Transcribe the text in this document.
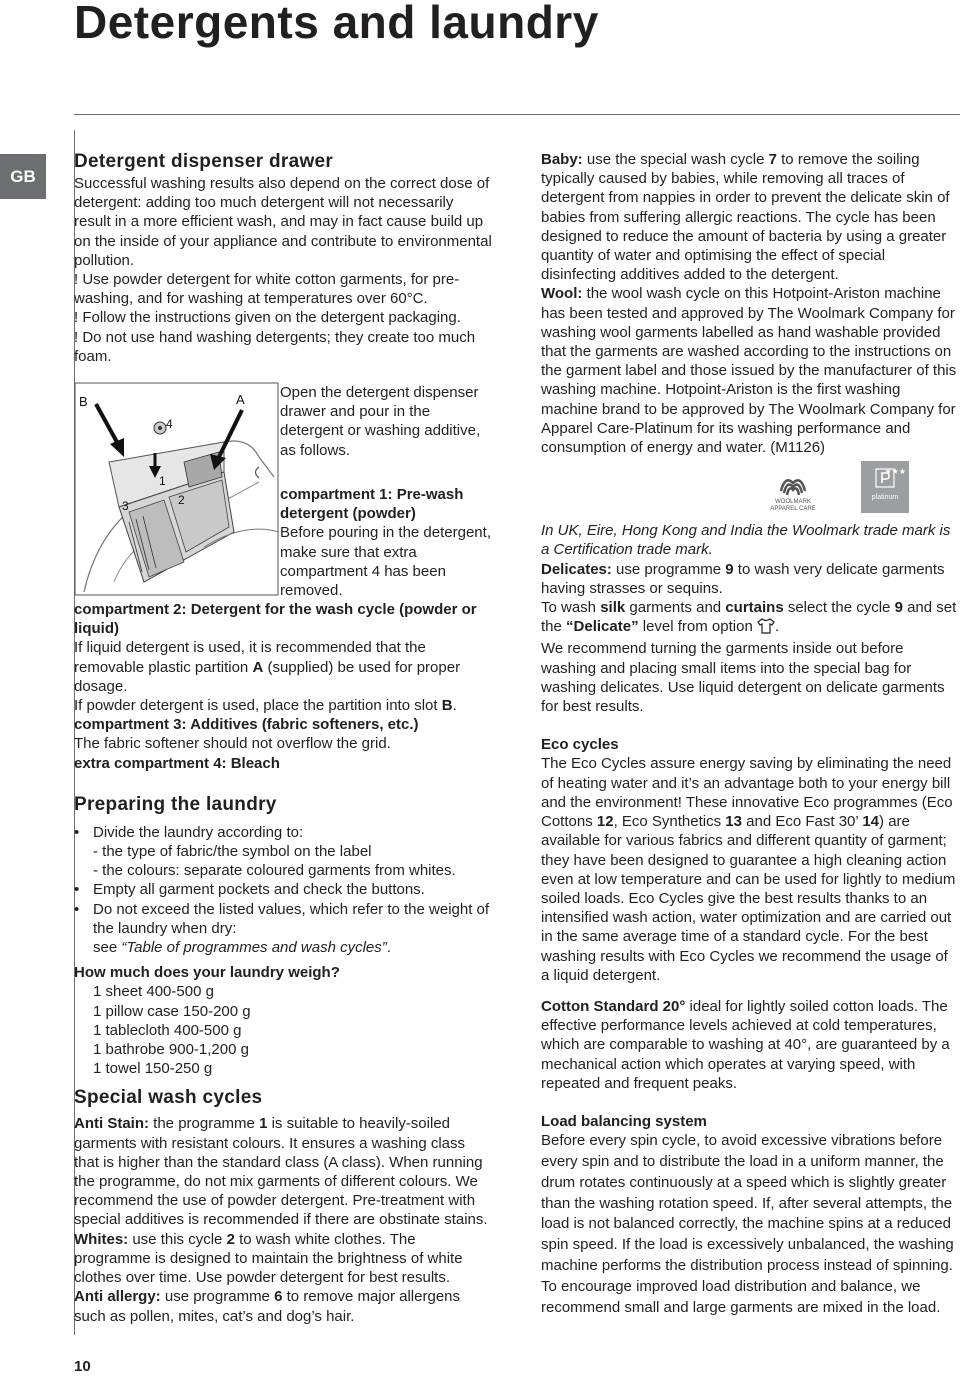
Detergents and laundry
GB
Detergent dispenser drawer

Successful washing results also depend on the correct dose of detergent: adding too much detergent will not necessarily result in a more efficient wash, and may in fact cause build up on the inside of your appliance and contribute to environmental pollution.

! Use powder detergent for white cotton garments, for pre-washing, and for washing at temperatures over 60°C.

! Follow the instructions given on the detergent packaging.

! Do not use hand washing detergents; they create too much foam.

B	A
4
1
3	2

Open the detergent dispenser drawer and pour in the detergent or washing additive, as follows.

compartment 1: Pre-wash detergent (powder)

Before pouring in the detergent, make sure that extra compartment 4 has been removed.

compartment 2: Detergent for the wash cycle (powder or liquid)

If liquid detergent is used, it is recommended that the removable plastic partition A (supplied) be used for proper dosage.

If powder detergent is used, place the partition into slot B.

compartment 3: Additives (fabric softeners, etc.)

The fabric softener should not overflow the grid.

extra compartment 4: Bleach
Preparing the laundry
• Divide the laundry according to:
- the type of fabric/the symbol on the label
- the colours: separate coloured garments from whites.
• Empty all garment pockets and check the buttons.
• Do not exceed the listed values, which refer to the weight of the laundry when dry:
see “Table of programmes and wash cycles”.
How much does your laundry weigh?
1 sheet 400-500 g
1 pillow case 150-200 g
1 tablecloth 400-500 g
1 bathrobe 900-1,200 g
1 towel 150-250 g
Special wash cycles

Anti Stain: the programme 1 is suitable to heavily-soiled garments with resistant colours. It ensures a washing class that is higher than the standard class (A class). When running the programme, do not mix garments of different colours. We recommend the use of powder detergent. Pre-treatment with special additives is recommended if there are obstinate stains.

Whites: use this cycle 2 to wash white clothes. The programme is designed to maintain the brightness of white clothes over time. Use powder detergent for best results.

Anti allergy: use programme 6 to remove major allergens such as pollen, mites, cat’s and dog’s hair.

Baby: use the special wash cycle 7 to remove the soiling typically caused by babies, while removing all traces of detergent from nappies in order to prevent the delicate skin of babies from suffering allergic reactions. The cycle has been designed to reduce the amount of bacteria by using a greater quantity of water and optimising the effect of special disinfecting additives added to the detergent.

Wool: the wool wash cycle on this Hotpoint-Ariston machine has been tested and approved by The Woolmark Company for washing wool garments labelled as hand washable provided that the garments are washed according to the instructions on the garment label and those issued by the manufacturer of this washing machine. Hotpoint-Ariston is the first washing machine brand to be approved by The Woolmark Company for Apparel Care-Platinum for its washing performance and consumption of energy and water. (M1126)

WOOLMARK APPAREL CARE
★★★
platinum

In UK, Eire, Hong Kong and India the Woolmark trade mark is a Certification trade mark.

Delicates: use programme 9 to wash very delicate garments having strasses or sequins.

To wash silk garments and curtains select the cycle 9 and set the “Delicate” level from option .

We recommend turning the garments inside out before washing and placing small items into the special bag for washing delicates. Use liquid detergent on delicate garments for best results.

Eco cycles

The Eco Cycles assure energy saving by eliminating the need of heating water and it’s an advantage both to your energy bill and the environment! These innovative Eco programmes (Eco Cottons 12, Eco Synthetics 13 and Eco Fast 30’ 14) are available for various fabrics and different quantity of garment; they have been designed to guarantee a high cleaning action even at low temperature and can be used for lightly to medium soiled loads. Eco Cycles give the best results thanks to an intensified wash action, water optimization and are carried out in the same average time of a standard cycle. For the best washing results with Eco Cycles we recommend the usage of a liquid detergent.

Cotton Standard 20° ideal for lightly soiled cotton loads. The effective performance levels achieved at cold temperatures, which are comparable to washing at 40°, are guaranteed by a mechanical action which operates at varying speed, with repeated and frequent peaks.

Load balancing system

Before every spin cycle, to avoid excessive vibrations before every spin and to distribute the load in a uniform manner, the drum rotates continuously at a speed which is slightly greater than the washing rotation speed. If, after several attempts, the load is not balanced correctly, the machine spins at a reduced spin speed. If the load is excessively unbalanced, the washing machine performs the distribution process instead of spinning. To encourage improved load distribution and balance, we recommend small and large garments are mixed in the load.

10
